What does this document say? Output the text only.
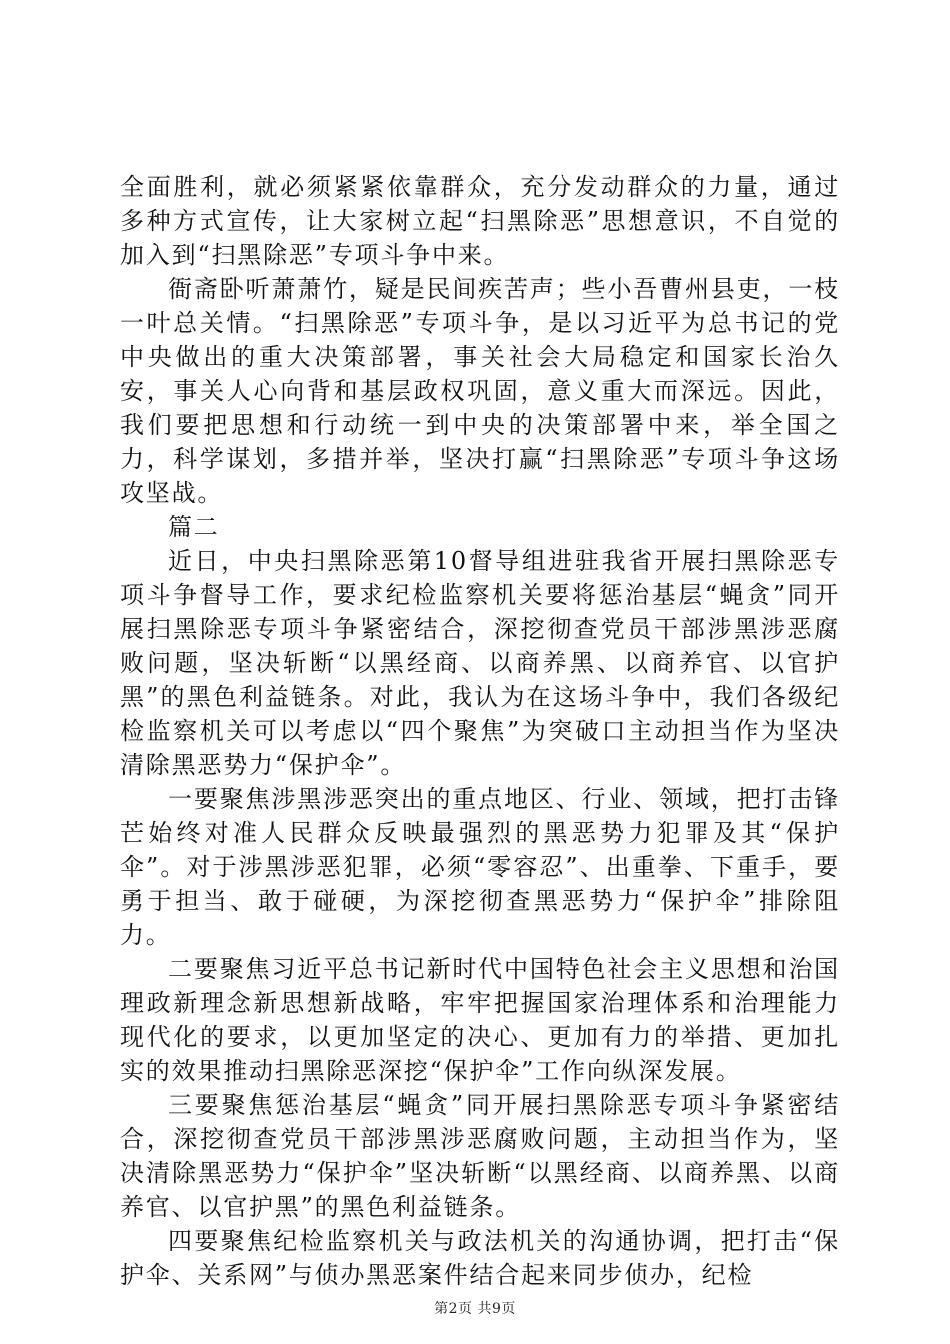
全面胜利，就必须紧紧依靠群众，充分发动群众的力量，通过多种方式宣传，让大家树立起“扫黑除恶”思想意识，不自觉的加入到“扫黑除恶”专项斗争中来。

衙斋卧听萧萧竹，疑是民间疾苦声；些小吾曹州县吏，一枝一叶总关情。“扫黑除恶”专项斗争，是以习近平为总书记的党中央做出的重大决策部署，事关社会大局稳定和国家长治久安，事关人心向背和基层政权巩固，意义重大而深远。因此，我们要把思想和行动统一到中央的决策部署中来，举全国之力，科学谋划，多措并举，坚决打赢“扫黑除恶”专项斗争这场攻坚战。

篇二

近日，中央扫黑除恶第10督导组进驻我省开展扫黑除恶专项斗争督导工作，要求纪检监察机关要将惩治基层“蝇贪”同开展扫黑除恶专项斗争紧密结合，深挖彻查党员干部涉黑涉恶腐败问题，坚决斩断“以黑经商、以商养黑、以商养官、以官护黑”的黑色利益链条。对此，我认为在这场斗争中，我们各级纪检监察机关可以考虑以“四个聚焦”为突破口主动担当作为坚决清除黑恶势力“保护伞”。

一要聚焦涉黑涉恶突出的重点地区、行业、领域，把打击锋芒始终对准人民群众反映最强烈的黑恶势力犯罪及其“保护伞”。对于涉黑涉恶犯罪，必须“零容忍”、出重拳、下重手，要勇于担当、敢于碰硬，为深挖彻查黑恶势力“保护伞”排除阻力。

二要聚焦习近平总书记新时代中国特色社会主义思想和治国理政新理念新思想新战略，牢牢把握国家治理体系和治理能力现代化的要求，以更加坚定的决心、更加有力的举措、更加扎实的效果推动扫黑除恶深挖“保护伞”工作向纵深发展。

三要聚焦惩治基层“蝇贪”同开展扫黑除恶专项斗争紧密结合，深挖彻查党员干部涉黑涉恶腐败问题，主动担当作为，坚决清除黑恶势力“保护伞”坚决斩断“以黑经商、以商养黑、以商养官、以官护黑”的黑色利益链条。

四要聚焦纪检监察机关与政法机关的沟通协调，把打击“保护伞、关系网”与侦办黑恶案件结合起来同步侦办，纪检

第2页 共9页
